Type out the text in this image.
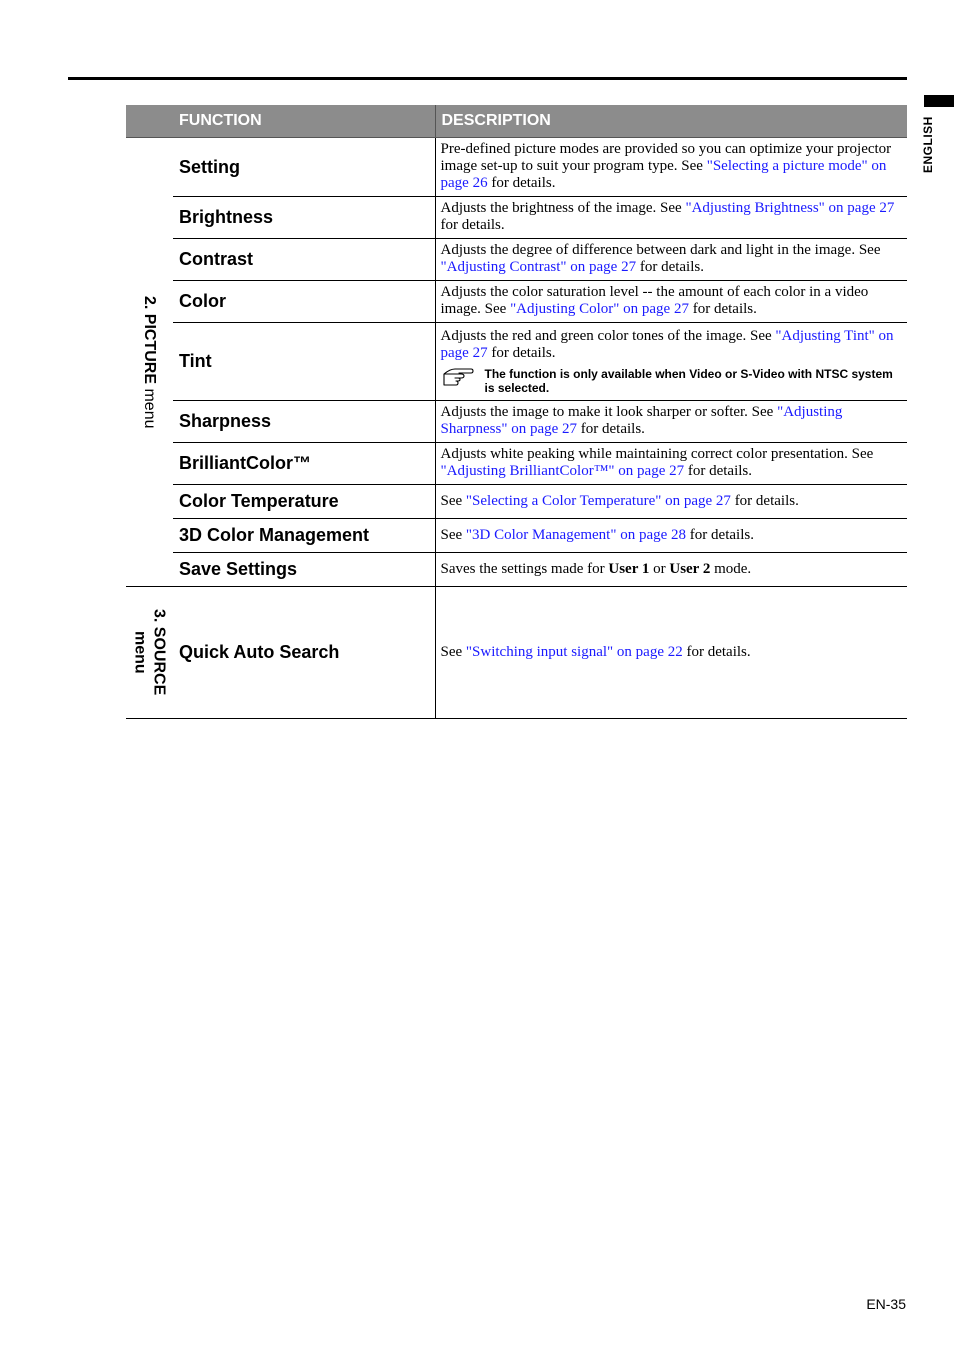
ENGLISH
	FUNCTION	DESCRIPTION

2. PICTURE menu	Setting	Pre-defined picture modes are provided so you can optimize your projector image set-up to suit your program type. See "Selecting a picture mode" on page 26 for details.
	Brightness	Adjusts the brightness of the image. See "Adjusting Brightness" on page 27 for details.
	Contrast	Adjusts the degree of difference between dark and light in the image. See "Adjusting Contrast" on page 27 for details.
	Color	Adjusts the color saturation level -- the amount of each color in a video image. See "Adjusting Color" on page 27 for details.
	Tint	Adjusts the red and green color tones of the image. See "Adjusting Tint" on page 27 for details.
The function is only available when Video or S-Video with NTSC system is selected.

	Sharpness	Adjusts the image to make it look sharper or softer. See "Adjusting Sharpness" on page 27 for details.
	BrilliantColor™	Adjusts white peaking while maintaining correct color presentation. See "Adjusting BrilliantColor™" on page 27 for details.
	Color Temperature	See "Selecting a Color Temperature" on page 27 for details.
	3D Color Management	See "3D Color Management" on page 28 for details.
	Save Settings	Saves the settings made for User 1 or User 2 mode.

3. SOURCE
menu	Quick Auto Search	See "Switching input signal" on page 22 for details.
EN-35
